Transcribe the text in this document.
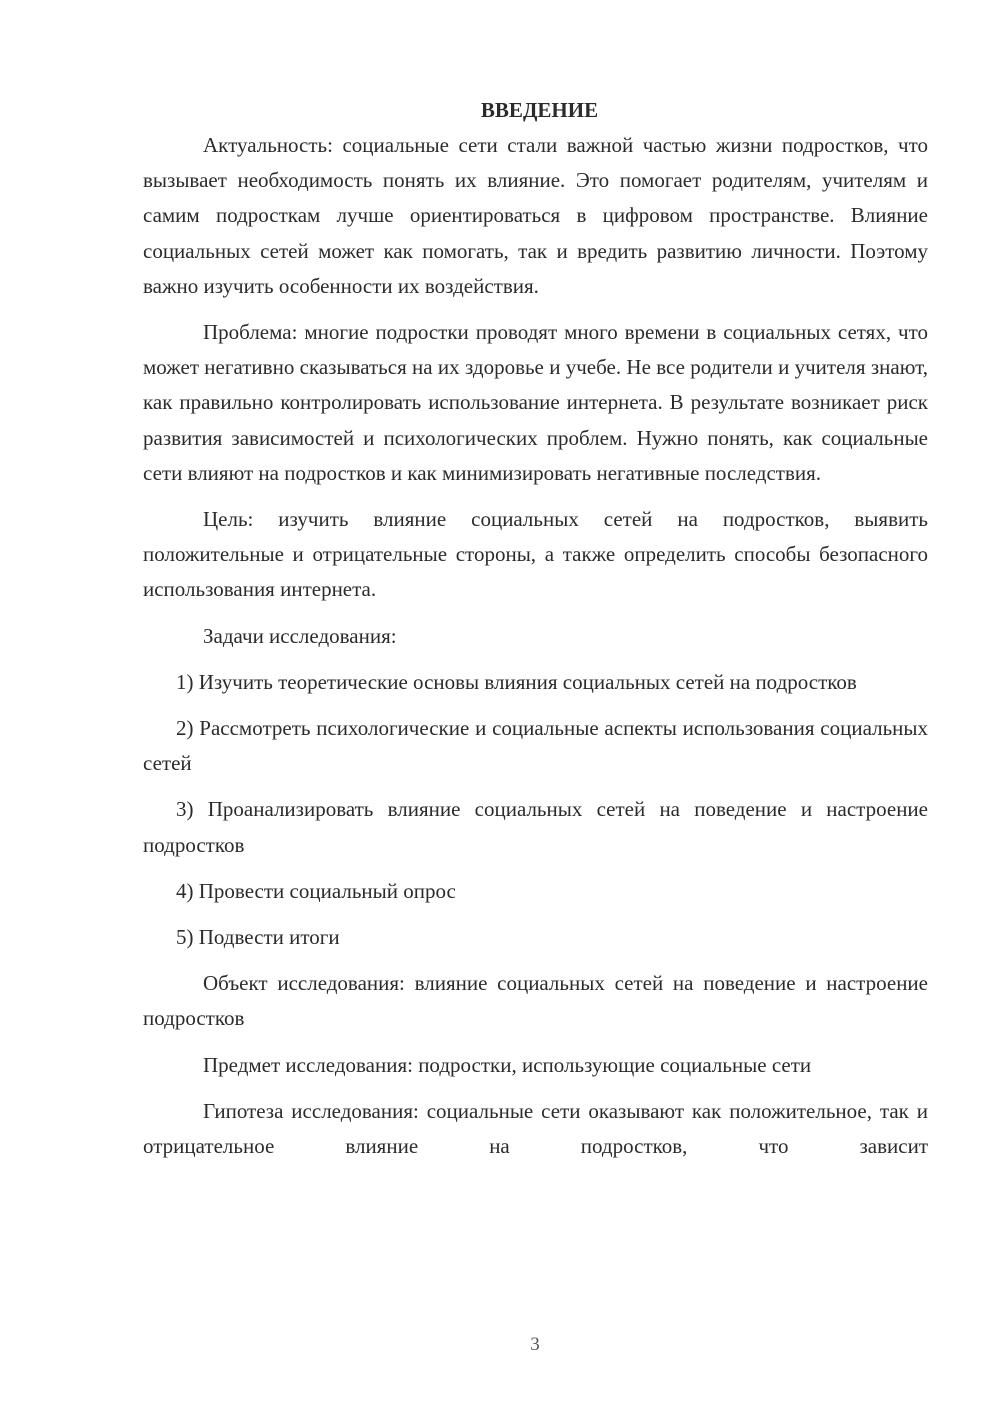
ВВЕДЕНИЕ

Актуальность: социальные сети стали важной частью жизни подростков, что вызывает необходимость понять их влияние. Это помогает родителям, учителям и самим подросткам лучше ориентироваться в цифровом пространстве. Влияние социальных сетей может как помогать, так и вредить развитию личности. Поэтому важно изучить особенности их воздействия.

Проблема: многие подростки проводят много времени в социальных сетях, что может негативно сказываться на их здоровье и учебе. Не все родители и учителя знают, как правильно контролировать использование интернета. В результате возникает риск развития зависимостей и психологических проблем. Нужно понять, как социальные сети влияют на подростков и как минимизировать негативные последствия.

Цель: изучить влияние социальных сетей на подростков, выявить положительные и отрицательные стороны, а также определить способы безопасного использования интернета.

Задачи исследования:

1) Изучить теоретические основы влияния социальных сетей на подростков

2) Рассмотреть психологические и социальные аспекты использования социальных сетей

3) Проанализировать влияние социальных сетей на поведение и настроение подростков

4) Провести социальный опрос

5) Подвести итоги

Объект исследования: влияние социальных сетей на поведение и настроение подростков

Предмет исследования: подростки, использующие социальные сети

Гипотеза исследования: социальные сети оказывают как положительное, так и отрицательное влияние на подростков, что зависит

3
